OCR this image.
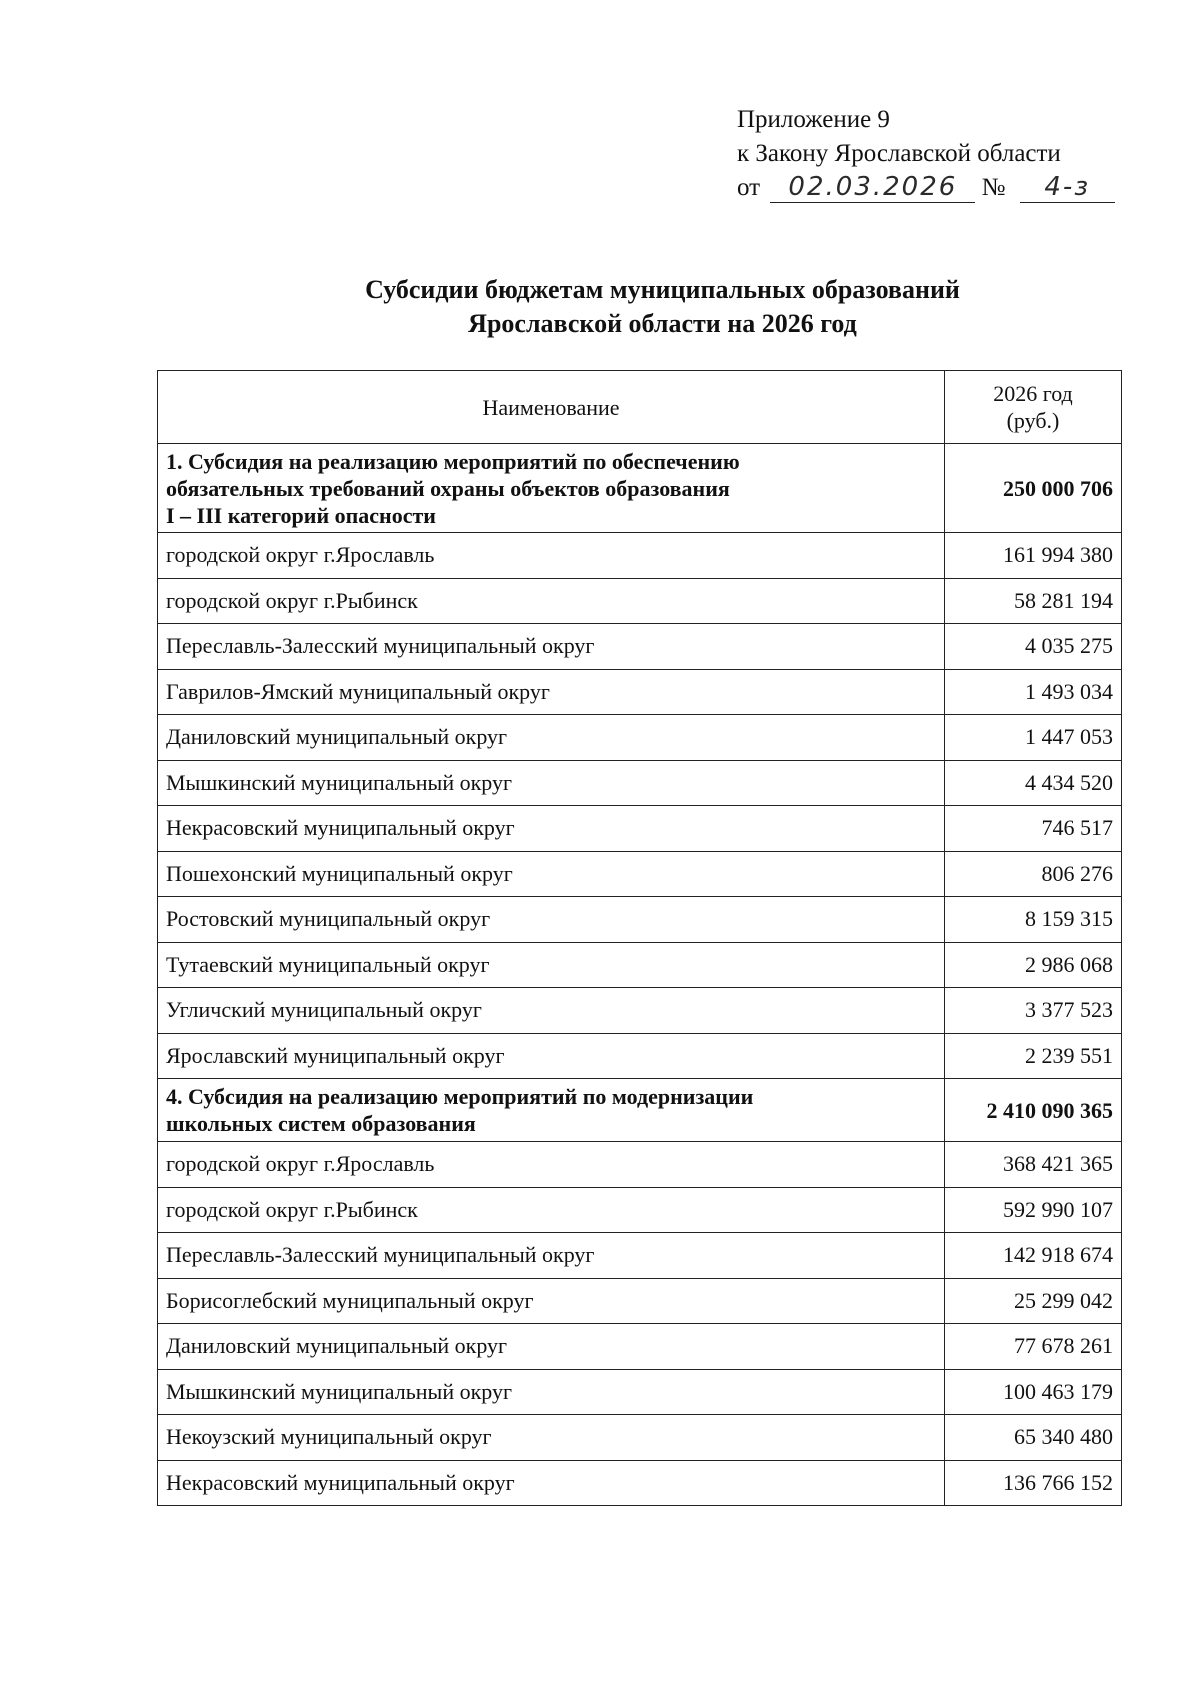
Приложение 9
к Закону Ярославской области
от 02.03.2026 № 4-з
Субсидии бюджетам муниципальных образований
Ярославской области на 2026 год
Наименование	2026 год
(руб.)

1. Субсидия на реализацию мероприятий по обеспечению
обязательных требований охраны объектов образования
I – III категорий опасности	250 000 706
городской округ г.Ярославль	161 994 380
городской округ г.Рыбинск	58 281 194
Переславль-Залесский муниципальный округ	4 035 275
Гаврилов-Ямский муниципальный округ	1 493 034
Даниловский муниципальный округ	1 447 053
Мышкинский муниципальный округ	4 434 520
Некрасовский муниципальный округ	746 517
Пошехонский муниципальный округ	806 276
Ростовский муниципальный округ	8 159 315
Тутаевский муниципальный округ	2 986 068
Угличский муниципальный округ	3 377 523
Ярославский муниципальный округ	2 239 551

4. Субсидия на реализацию мероприятий по модернизации
школьных систем образования	2 410 090 365
городской округ г.Ярославль	368 421 365
городской округ г.Рыбинск	592 990 107
Переславль-Залесский муниципальный округ	142 918 674
Борисоглебский муниципальный округ	25 299 042
Даниловский муниципальный округ	77 678 261
Мышкинский муниципальный округ	100 463 179
Некоузский муниципальный округ	65 340 480
Некрасовский муниципальный округ	136 766 152
